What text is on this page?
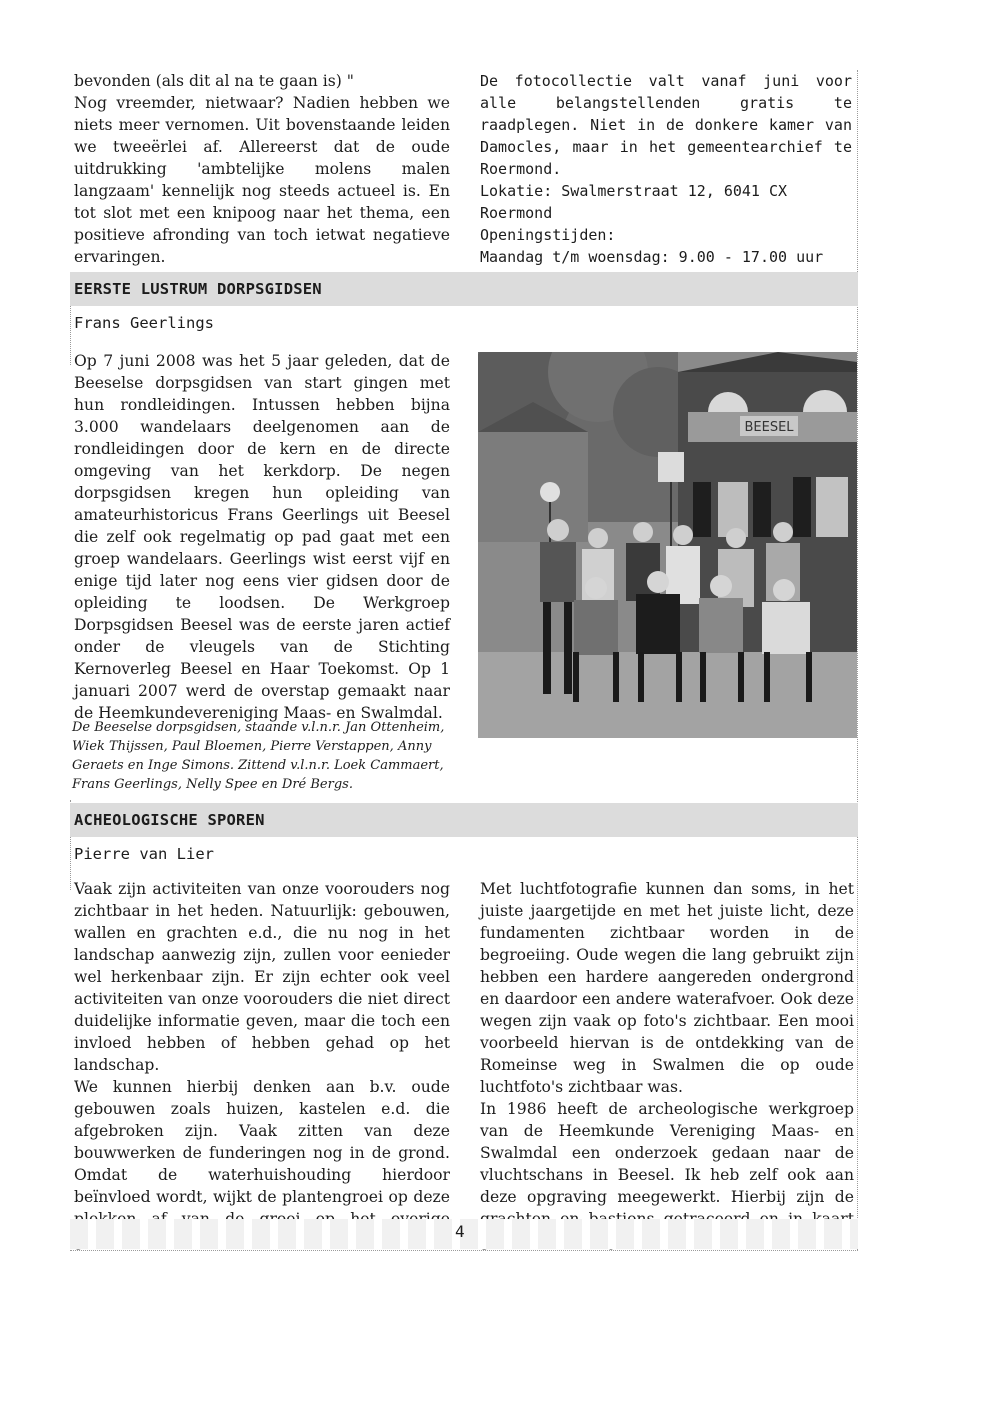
bevonden (als dit al na te gaan is) "

Nog vreemder, nietwaar? Nadien hebben we niets meer vernomen. Uit bovenstaande leiden we tweeërlei af. Allereerst dat de oude uitdrukking 'ambtelijke molens malen langzaam' kennelijk nog steeds actueel is. En tot slot met een knipoog naar het thema, een positieve afronding van toch ietwat negatieve ervaringen.

De fotocollectie valt vanaf juni voor alle belangstellenden gratis te raadplegen. Niet in de donkere kamer van Damocles, maar in het gemeentearchief te Roermond.

Lokatie: Swalmerstraat 12, 6041 CX Roermond

Openingstijden:

Maandag t/m woensdag: 9.00 - 17.00 uur

EERSTE LUSTRUM DORPSGIDSEN
Frans Geerlings

Op 7 juni 2008 was het 5 jaar geleden, dat de Beeselse dorpsgidsen van start gingen met hun rondleidingen. Intussen hebben bijna 3.000 wandelaars deelgenomen aan de rondleidingen door de kern en de directe omgeving van het kerkdorp. De negen dorpsgidsen kregen hun opleiding van amateurhistoricus Frans Geerlings uit Beesel die zelf ook regelmatig op pad gaat met een groep wandelaars. Geerlings wist eerst vijf en enige tijd later nog eens vier gidsen door de opleiding te loodsen. De Werkgroep Dorpsgidsen Beesel was de eerste jaren actief onder de vleugels van de Stichting Kernoverleg Beesel en Haar Toekomst. Op 1 januari 2007 werd de overstap gemaakt naar de Heemkundevereniging Maas- en Swalmdal.

BEESEL
De Beeselse dorpsgidsen, staande v.l.n.r. Jan Ottenheim, Wiek Thijssen, Paul Bloemen, Pierre Verstappen, Anny Geraets en Inge Simons. Zittend v.l.n.r. Loek Cammaert, Frans Geerlings, Nelly Spee en Dré Bergs.
ACHEOLOGISCHE SPOREN
Pierre van Lier

Vaak zijn activiteiten van onze voorouders nog zichtbaar in het heden. Natuurlijk: gebouwen, wallen en grachten e.d., die nu nog in het landschap aanwezig zijn, zullen voor eenieder wel herkenbaar zijn. Er zijn echter ook veel activiteiten van onze voorouders die niet direct duidelijke informatie geven, maar die toch een invloed hebben of hebben gehad op het landschap.

We kunnen hierbij denken aan b.v. oude gebouwen zoals huizen, kastelen e.d. die afgebroken zijn. Vaak zitten van deze bouwwerken de funderingen nog in de grond. Omdat de waterhuishouding hierdoor beïnvloed wordt, wijkt de plantengroei op deze

Met luchtfotografie kunnen dan soms, in het juiste jaargetijde en met het juiste licht, deze fundamenten zichtbaar worden in de begroeiing. Oude wegen die lang gebruikt zijn hebben een hardere aangereden ondergrond en daardoor een andere waterafvoer. Ook deze wegen zijn vaak op foto's zichtbaar. Een mooi voorbeeld hiervan is de ontdekking van de Romeinse weg in Swalmen die op oude luchtfoto's zichtbaar was.

In 1986 heeft de archeologische werkgroep van de Heemkunde Vereniging Maas- en Swalmdal een onderzoek gedaan naar de vluchtschans in Beesel. Ik heb zelf ook aan deze opgraving meegewerkt. Hierbij zijn de

4
